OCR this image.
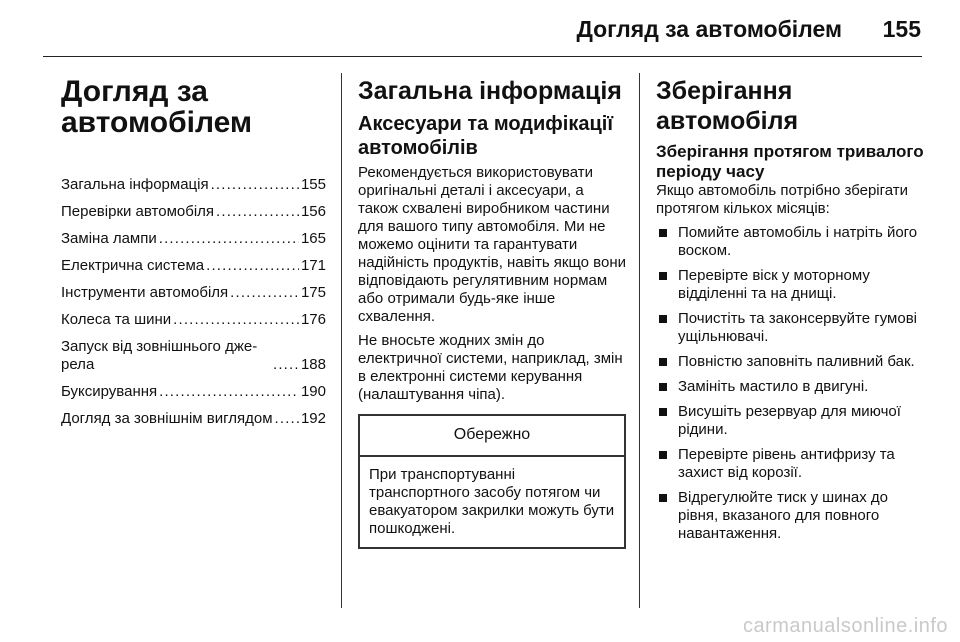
Догляд за автомобілем 155
Догляд за
автомобілем
Загальна інформація . . .	155
Перевірки автомобіля . . .	156
Заміна лампи . . .	165
Електрична система . . .	171
Інструменти автомобіля . . .	175
Колеса та шини . . .	176
Запуск від зовнішнього дже-рела . . .	188
Буксирування . . .	190
Догляд за зовнішнім виглядом . . . 192
Загальна інформація
Аксесуари та модифікації автомобілів

Рекомендується використовувати оригінальні деталі і аксесуари, а також схвалені виробником частини для вашого типу автомобіля. Ми не можемо оцінити та гарантувати надійність продуктів, навіть якщо вони відповідають регулятивним нормам або отримали будь-яке інше схвалення.

Не вносьте жодних змін до електричної системи, наприклад, змін в електронні системи керування (налаштування чіпа).

Обережно
При транспортуванні транспортного засобу потягом чи евакуатором закрилки можуть бути пошкоджені.
Зберігання автомобіля
Зберігання протягом тривалого періоду часу

Якщо автомобіль потрібно зберігати протягом кількох місяців:

Помийте автомобіль і натріть його воском.
Перевірте віск у моторному відділенні та на днищі.
Почистіть та законсервуйте гумові ущільнювачі.
Повністю заповніть паливний бак.
Замініть мастило в двигуні.
Висушіть резервуар для миючої рідини.
Перевірте рівень антифризу та захист від корозії.
Відрегулюйте тиск у шинах до рівня, вказаного для повного навантаження.
carmanualsonline.info
